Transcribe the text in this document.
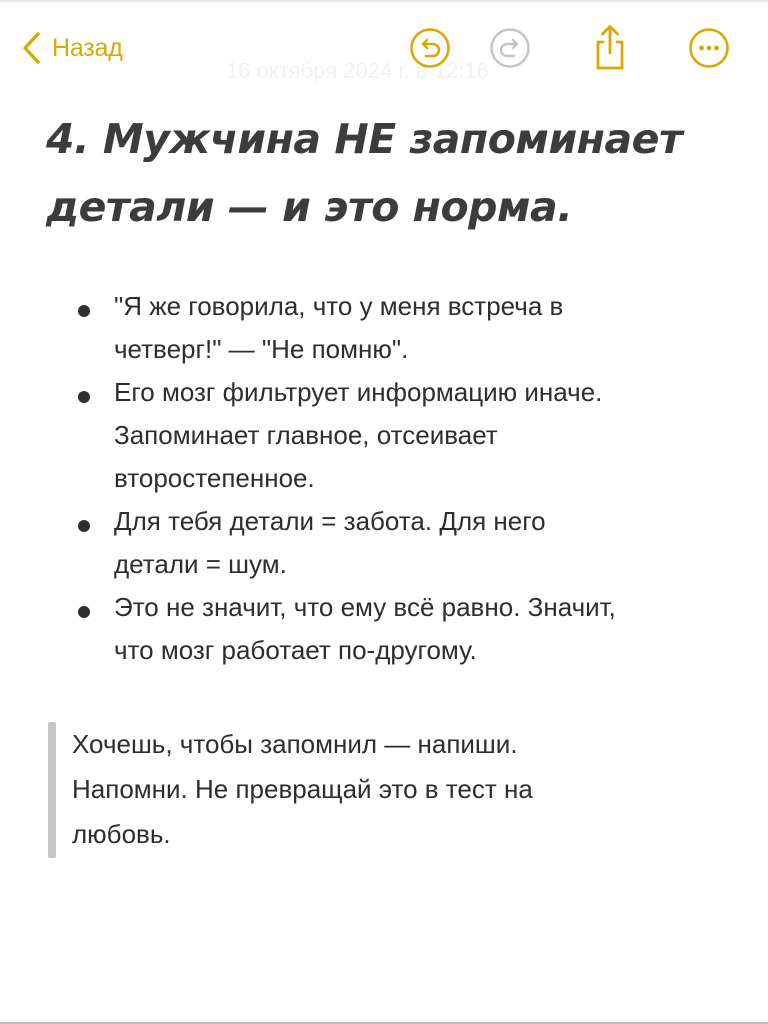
16 октября 2024 г. в 12:16
Назад
4. Мужчина НЕ запоминает
детали — и это норма.
"Я же говорила, что у меня встреча в
четверг!" — "Не помню".
Его мозг фильтрует информацию иначе.
Запоминает главное, отсеивает
второстепенное.
Для тебя детали = забота. Для него
детали = шум.
Это не значит, что ему всё равно. Значит,
что мозг работает по-другому.

Хочешь, чтобы запомнил — напиши.
Напомни. Не превращай это в тест на
любовь.
